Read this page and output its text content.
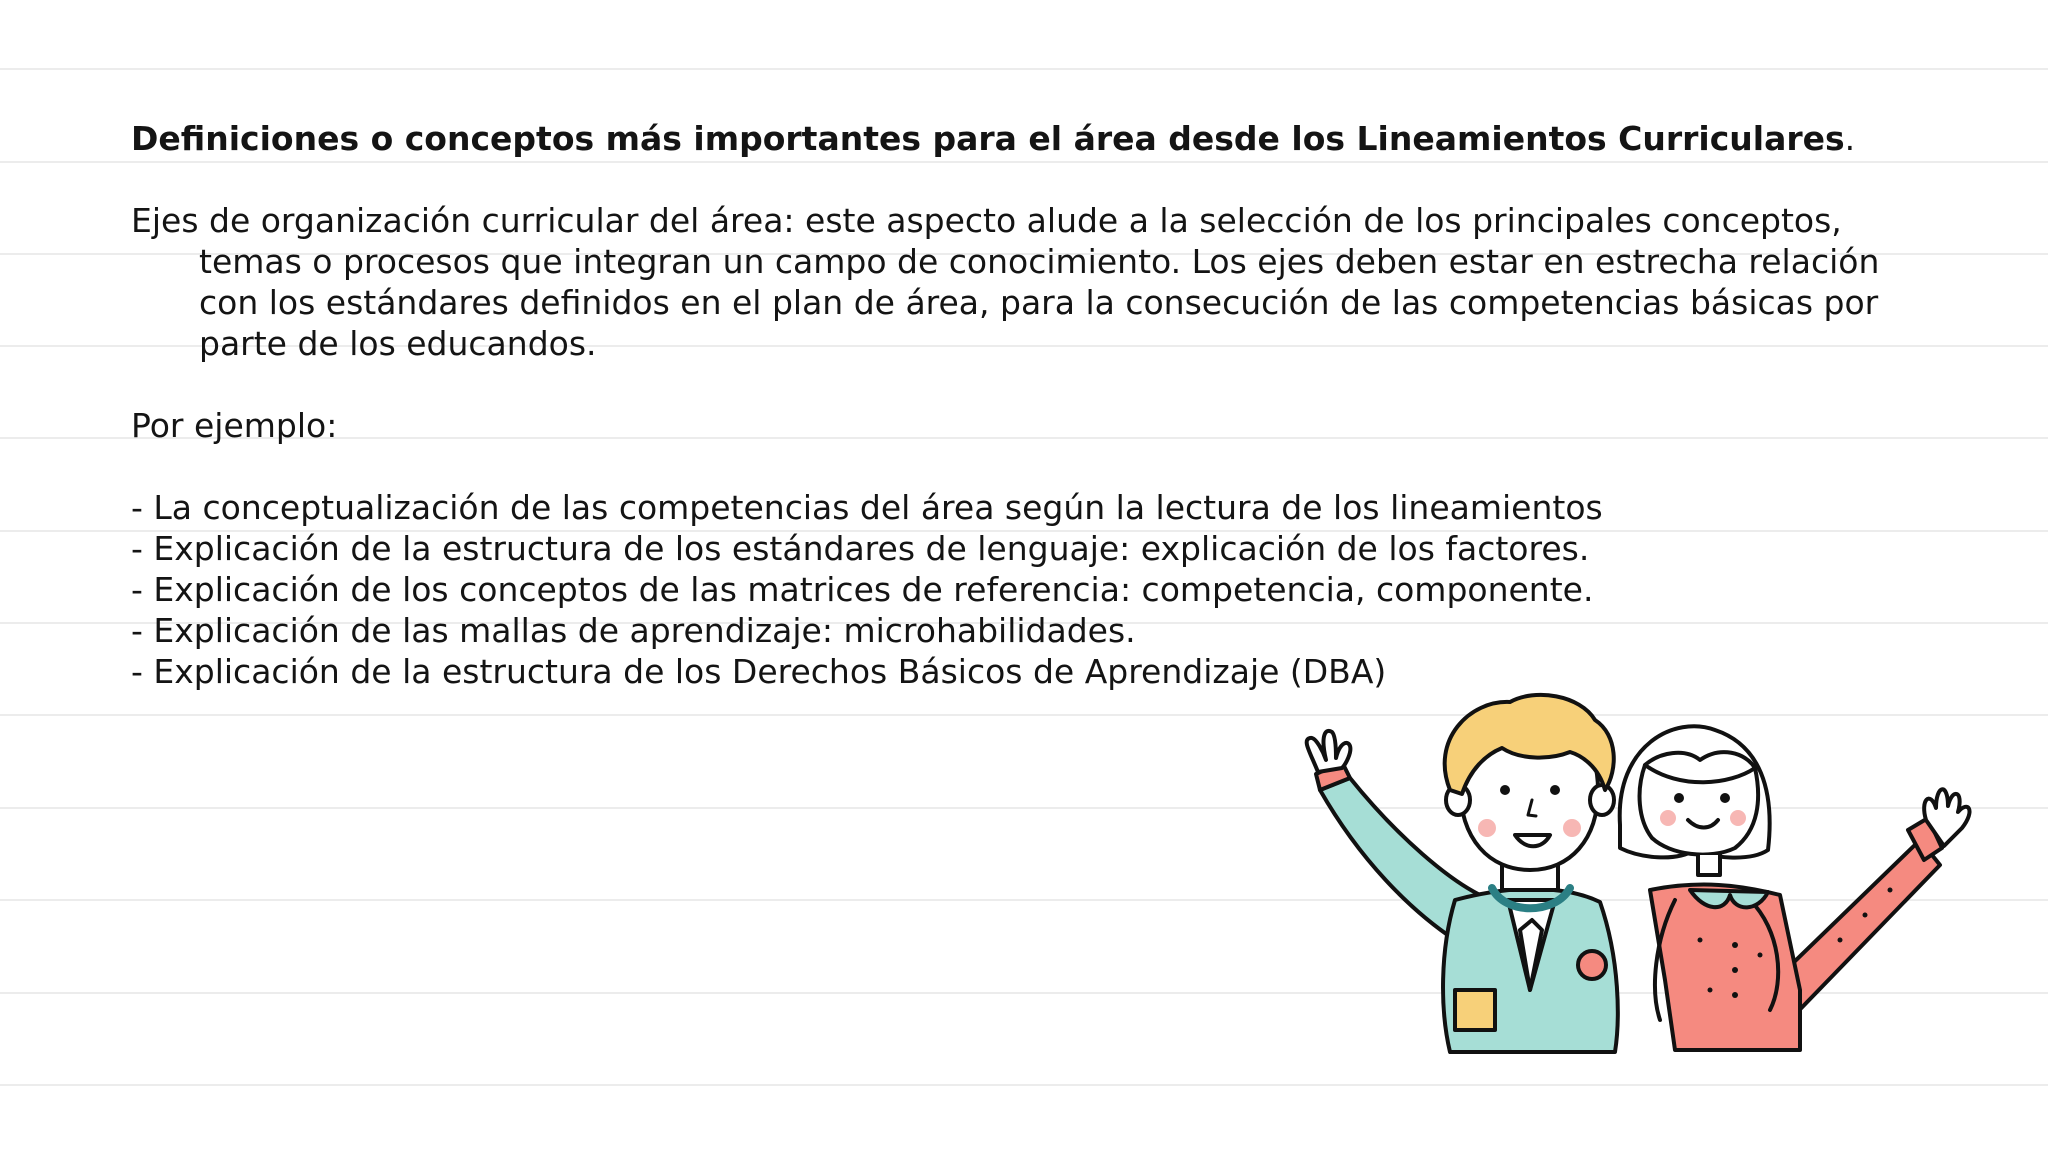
Definiciones o conceptos más importantes para el área desde los Lineamientos Curriculares.

Ejes de organización curricular del área: este aspecto alude a la selección de los principales conceptos, temas o procesos que integran un campo de conocimiento. Los ejes deben estar en estrecha relación con los estándares definidos en el plan de área, para la consecución de las competencias básicas por parte de los educandos.

Por ejemplo:

- La conceptualización de las competencias del área según la lectura de los lineamientos
- Explicación de la estructura de los estándares de lenguaje: explicación de los factores.
- Explicación de los conceptos de las matrices de referencia: competencia, componente.
- Explicación de las mallas de aprendizaje: microhabilidades.
- Explicación de la estructura de los Derechos Básicos de Aprendizaje (DBA)
